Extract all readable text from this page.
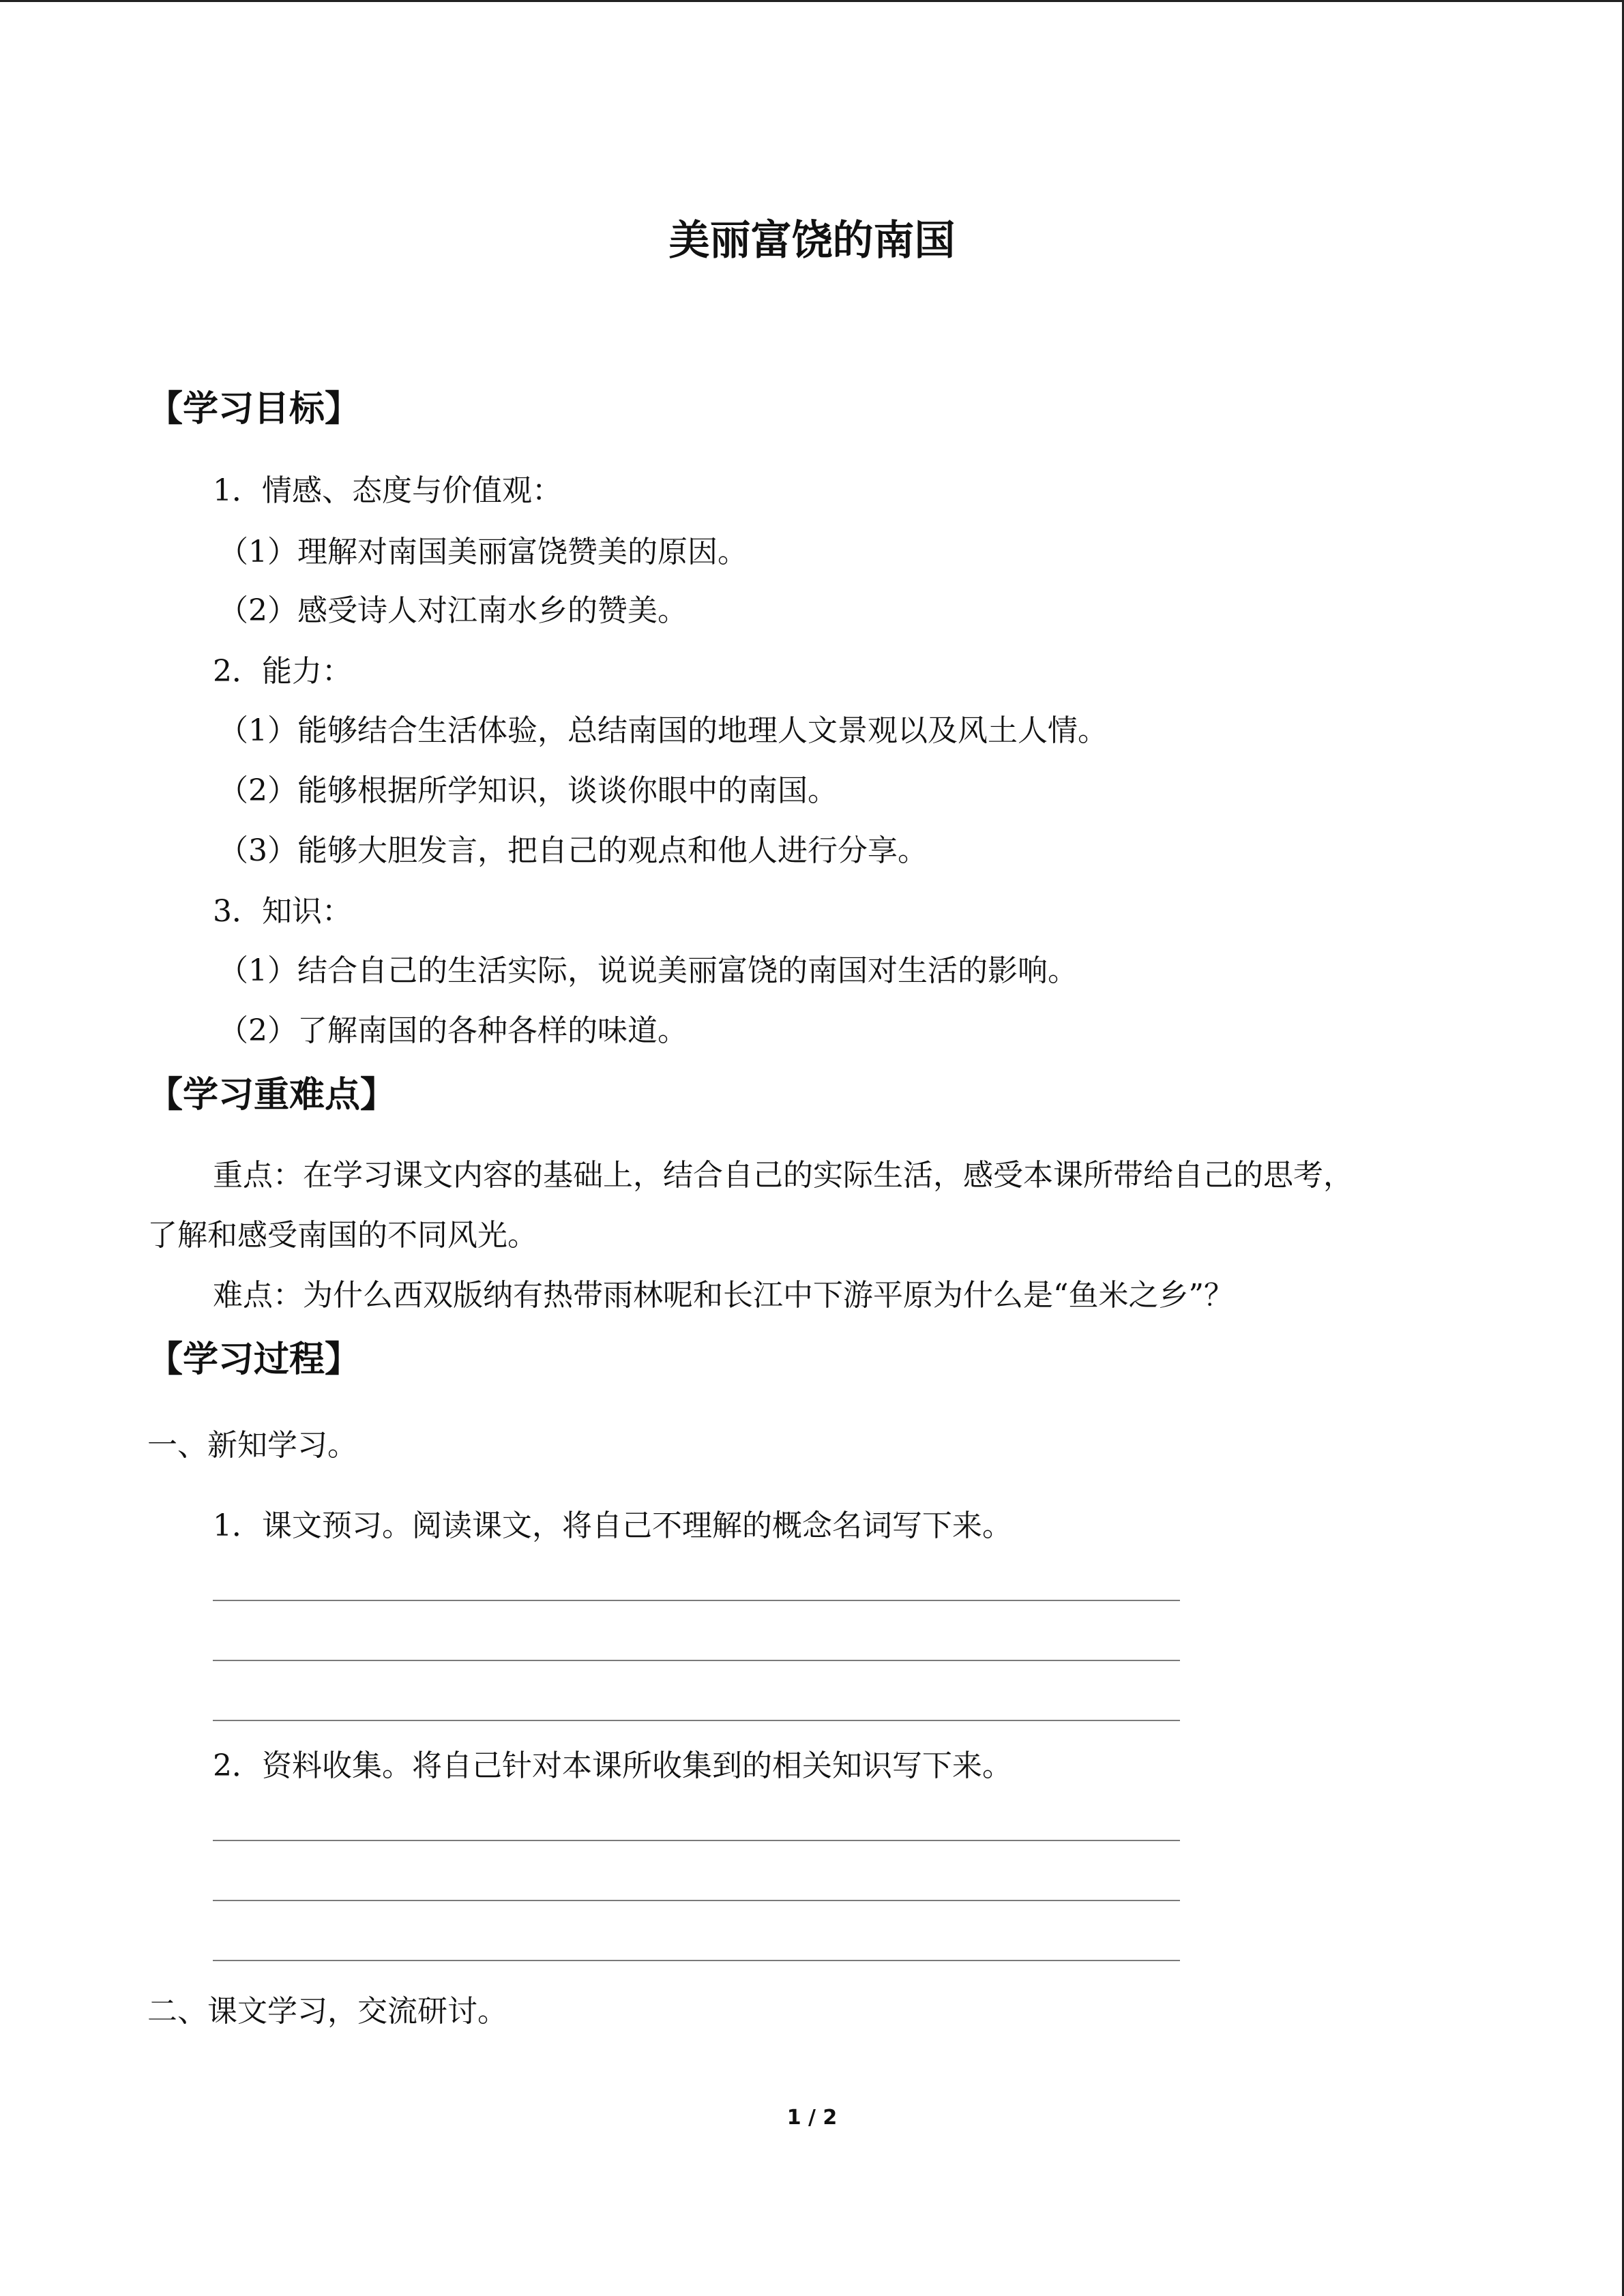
美丽富饶的南国
【学习目标】
1．情感、态度与价值观：
（1）理解对南国美丽富饶赞美的原因。
（2）感受诗人对江南水乡的赞美。
2．能力：
（1）能够结合生活体验，总结南国的地理人文景观以及风土人情。
（2）能够根据所学知识，谈谈你眼中的南国。
（3）能够大胆发言，把自己的观点和他人进行分享。
3．知识：
（1）结合自己的生活实际，说说美丽富饶的南国对生活的影响。
（2）了解南国的各种各样的味道。
【学习重难点】
重点：在学习课文内容的基础上，结合自己的实际生活，感受本课所带给自己的思考，
了解和感受南国的不同风光。
难点：为什么西双版纳有热带雨林呢和长江中下游平原为什么是“鱼米之乡”？
【学习过程】
一、新知学习。
1．课文预习。阅读课文，将自己不理解的概念名词写下来。
2．资料收集。将自己针对本课所收集到的相关知识写下来。
二、课文学习，交流研讨。
1 / 2
